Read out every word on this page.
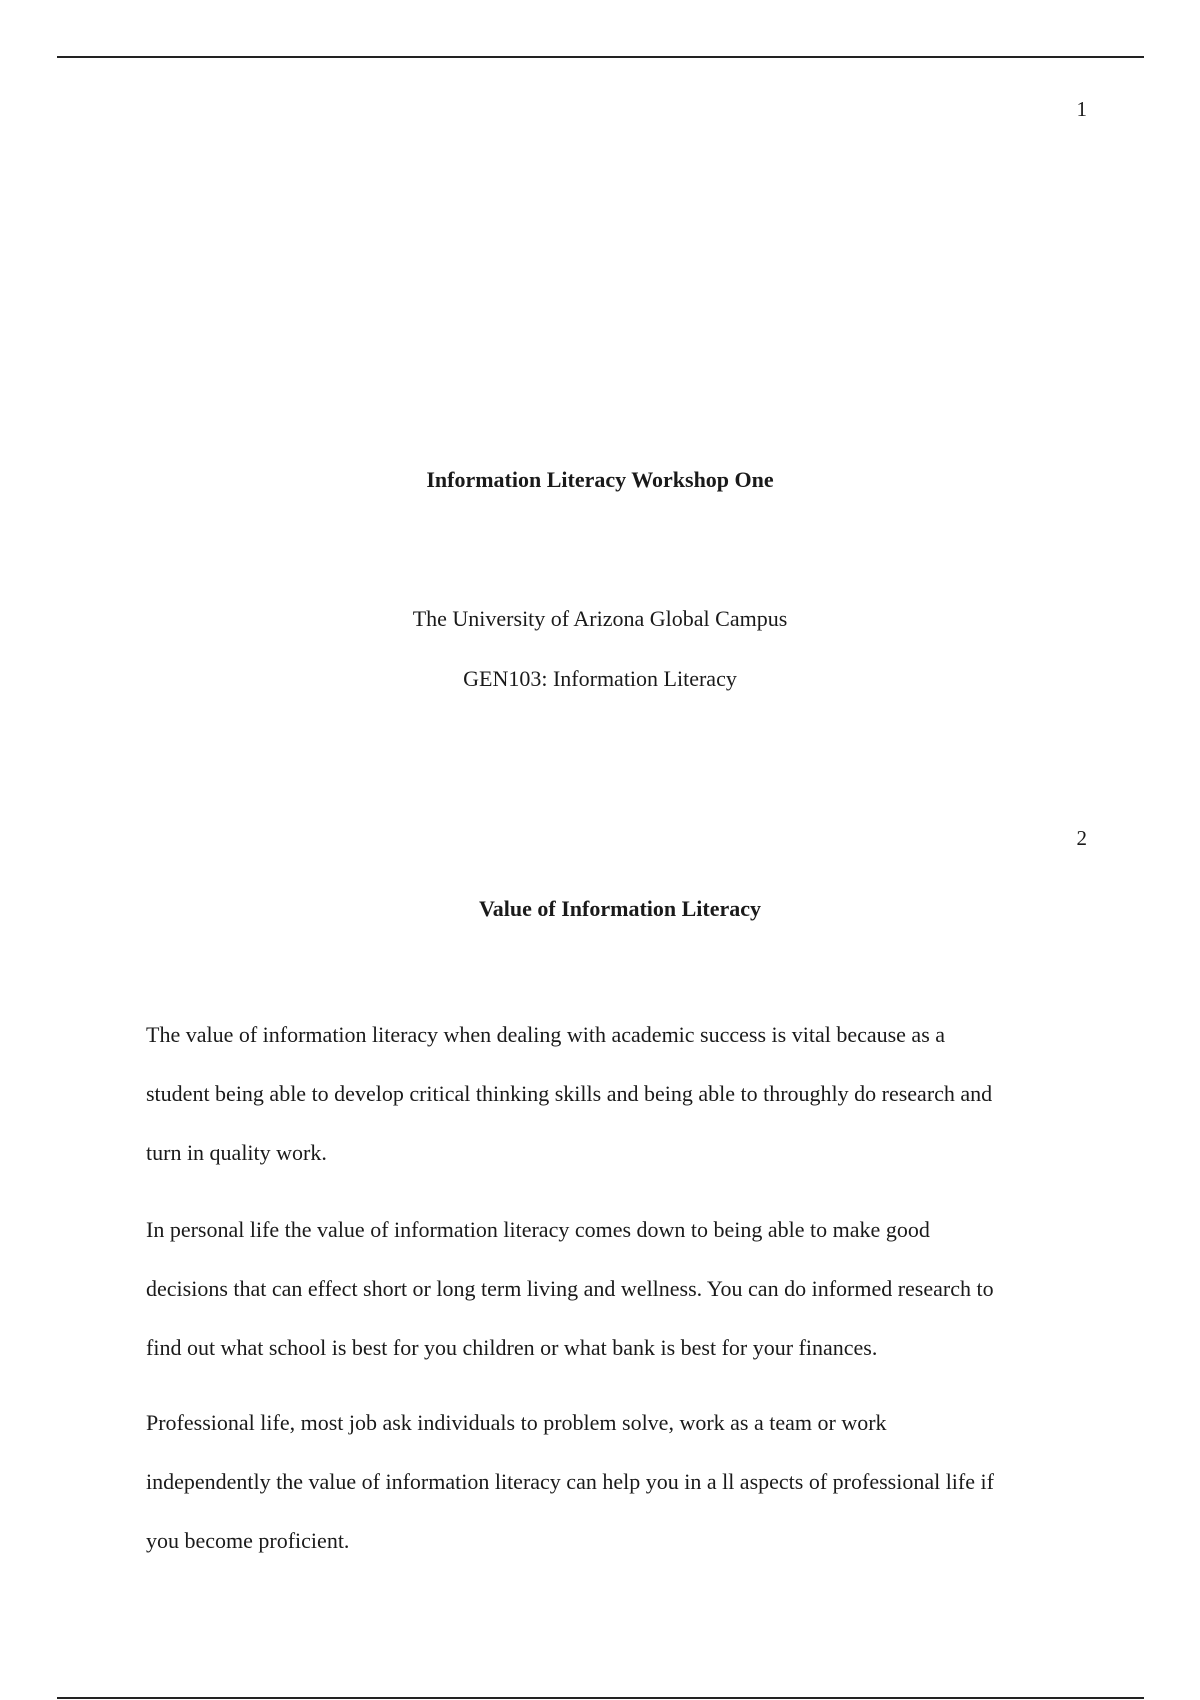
1
Information Literacy Workshop One
The University of Arizona Global Campus
GEN103: Information Literacy
2
Value of Information Literacy

The value of information literacy when dealing with academic success is vital because as a
student being able to develop critical thinking skills and being able to throughly do research and
turn in quality work.

In personal life the value of information literacy comes down to being able to make good
decisions that can effect short or long term living and wellness. You can do informed research to
find out what school is best for you children or what bank is best for your finances.

Professional life, most job ask individuals to problem solve, work as a team or work
independently the value of information literacy can help you in a ll aspects of professional life if
you become proficient.
